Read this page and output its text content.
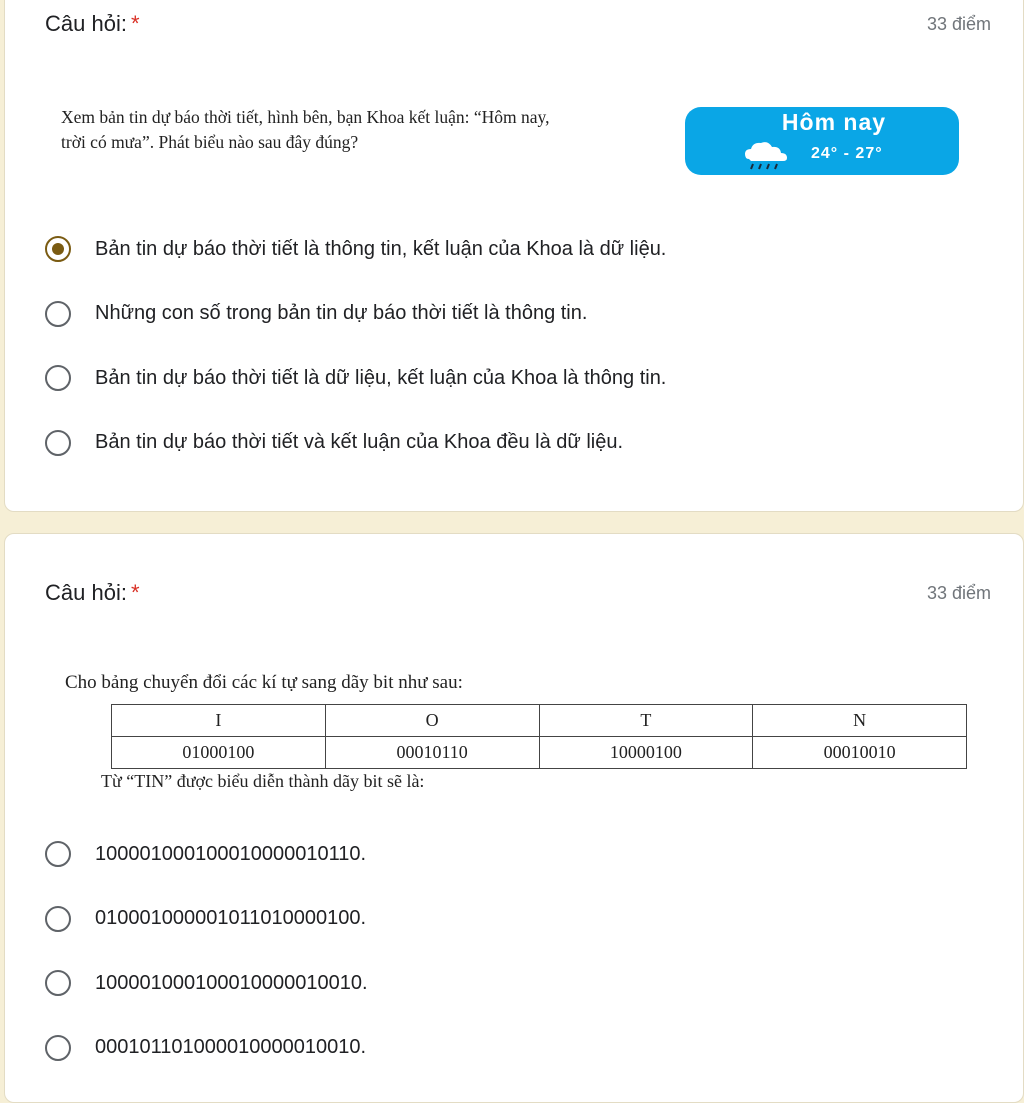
Câu hỏi: *	33 điểm
Xem bản tin dự báo thời tiết, hình bên, bạn Khoa kết luận: “Hôm nay,
trời có mưa”. Phát biểu nào sau đây đúng?
Hôm nay
24° - 27°
Bản tin dự báo thời tiết là thông tin, kết luận của Khoa là dữ liệu.
Những con số trong bản tin dự báo thời tiết là thông tin.
Bản tin dự báo thời tiết là dữ liệu, kết luận của Khoa là thông tin.
Bản tin dự báo thời tiết và kết luận của Khoa đều là dữ liệu.
Câu hỏi: *	33 điểm
Cho bảng chuyển đổi các kí tự sang dãy bit như sau:
I	O	T	N
01000100	00010110	10000100	00010010
Từ “TIN” được biểu diễn thành dãy bit sẽ là:
100001000100010000010110.
010001000001011010000100.
100001000100010000010010.
000101101000010000010010.
